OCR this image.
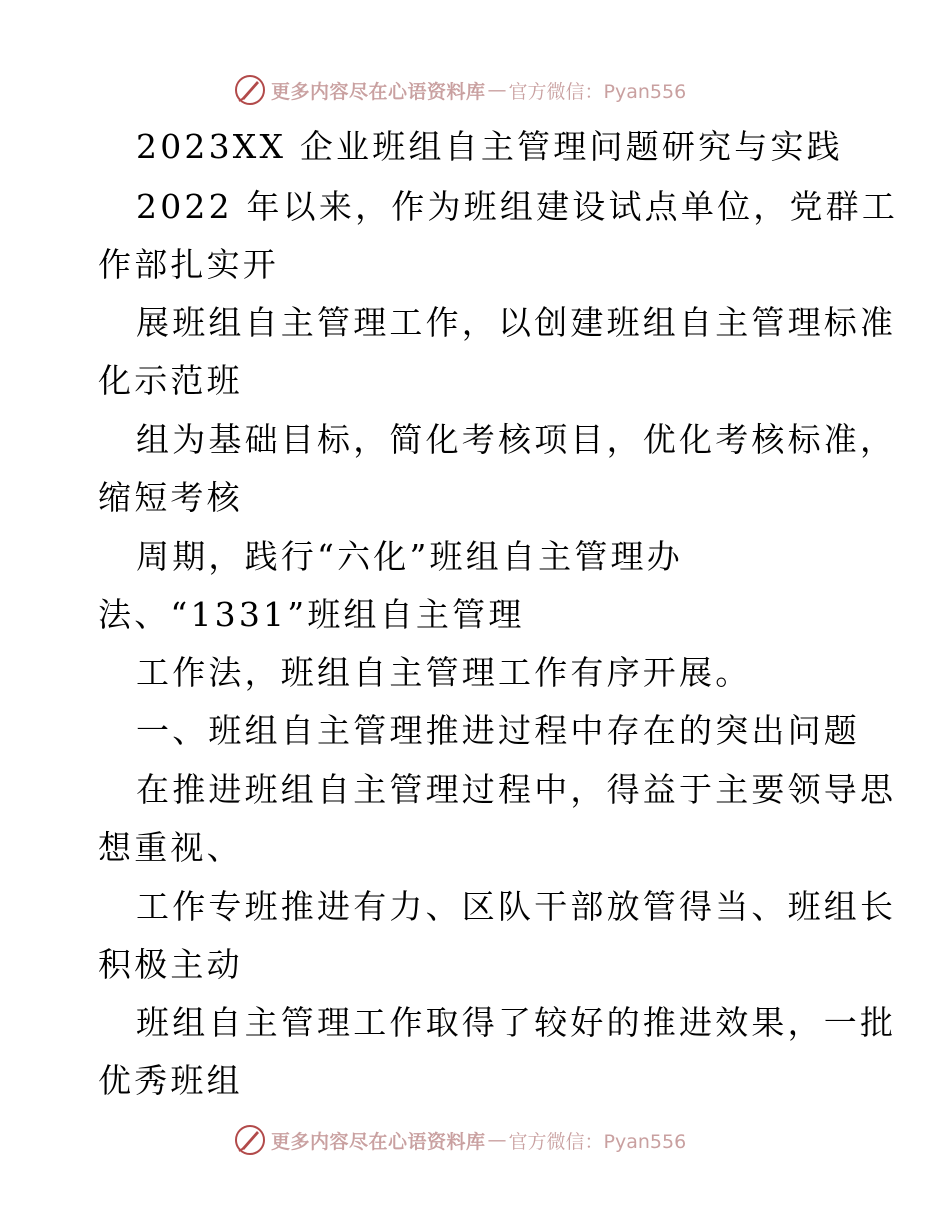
更多内容尽在心语资料库 — 官方微信：Pyan556
2023XX 企业班组自主管理问题研究与实践
2022 年以来，作为班组建设试点单位，党群工
作部扎实开
展班组自主管理工作，以创建班组自主管理标准
化示范班
组为基础目标，简化考核项目，优化考核标准，
缩短考核
周期，践行“六化”班组自主管理办
法、“1331”班组自主管理
工作法，班组自主管理工作有序开展。
一、班组自主管理推进过程中存在的突出问题
在推进班组自主管理过程中，得益于主要领导思
想重视、
工作专班推进有力、区队干部放管得当、班组长
积极主动
班组自主管理工作取得了较好的推进效果，一批
优秀班组
更多内容尽在心语资料库 — 官方微信：Pyan556
